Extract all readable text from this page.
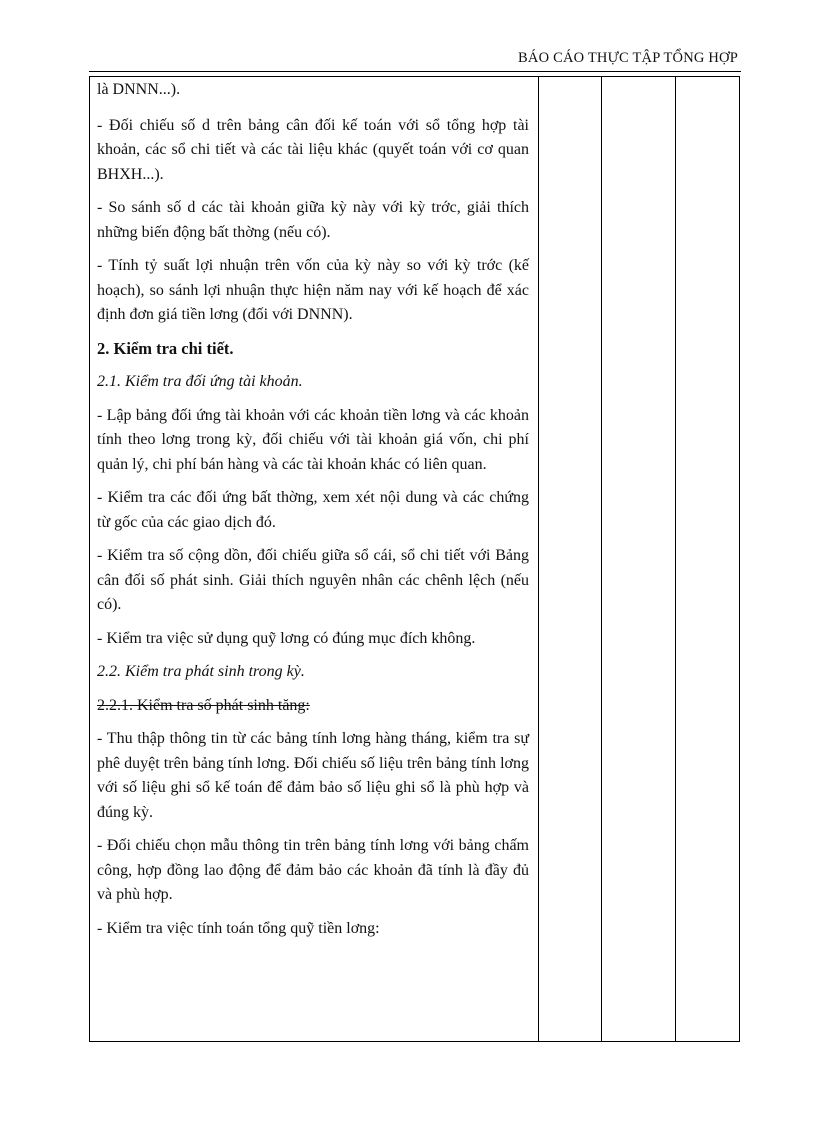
BÁO CÁO THỰC TẬP TỔNG HỢP

là DNNN...).

- Đối chiếu số d trên bảng cân đối kế toán với sổ tổng hợp tài khoản, các sổ chi tiết và các tài liệu khác (quyết toán với cơ quan BHXH...).

- So sánh số d các tài khoản giữa kỳ này với kỳ trớc, giải thích những biến động bất thờng (nếu có).

- Tính tỷ suất lợi nhuận trên vốn của kỳ này so với kỳ trớc (kế hoạch), so sánh lợi nhuận thực hiện năm nay với kế hoạch để xác định đơn giá tiền lơng (đối với DNNN).

2. Kiểm tra chi tiết.

2.1. Kiểm tra đối ứng tài khoản.

- Lập bảng đối ứng tài khoản với các khoản tiền lơng và các khoản tính theo lơng trong kỳ, đối chiếu với tài khoản giá vốn, chi phí quản lý, chi phí bán hàng và các tài khoản khác có liên quan.

- Kiểm tra các đối ứng bất thờng, xem xét nội dung và các chứng từ gốc của các giao dịch đó.

- Kiểm tra số cộng dồn, đối chiếu giữa sổ cái, sổ chi tiết với Bảng cân đối số phát sinh. Giải thích nguyên nhân các chênh lệch (nếu có).

- Kiểm tra việc sử dụng quỹ lơng có đúng mục đích không.

2.2. Kiểm tra phát sinh trong kỳ.

2.2.1. Kiểm tra số phát sinh tăng:

- Thu thập thông tin từ các bảng tính lơng hàng tháng, kiểm tra sự phê duyệt trên bảng tính lơng. Đối chiếu số liệu trên bảng tính lơng với số liệu ghi sổ kế toán để đảm bảo số liệu ghi sổ là phù hợp và đúng kỳ.

- Đối chiếu chọn mẫu thông tin trên bảng tính lơng với bảng chấm công, hợp đồng lao động để đảm bảo các khoản đã tính là đầy đủ và phù hợp.

- Kiểm tra việc tính toán tổng quỹ tiền lơng:
